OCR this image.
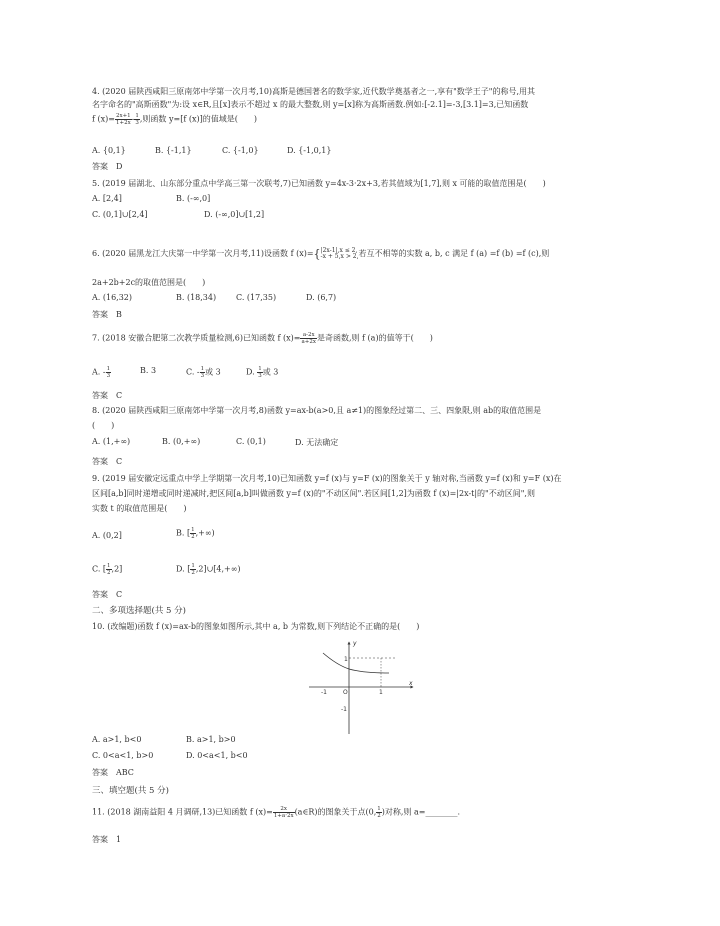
4. (2020 届陕西咸阳三原南郊中学第一次月考,10)高斯是德国著名的数学家,近代数学奠基者之一,享有"数学王子"的称号,用其
名字命名的"高斯函数"为:设 x∈R,且[x]表示不超过 x 的最大整数,则 y=[x]称为高斯函数.例如:[-2.1]=-3,[3.1]=3,已知函数
f $(x)= \frac{2x+1}{1+2x} - \frac{1}{3}$ ,则函数 y=[f (x)]的值域是(　　)
A. {0,1}	B. {-1,1}	C. {-1,0}	D. {-1,0,1}
答案 D
5. (2019 届湖北、山东部分重点中学高三第一次联考,7)已知函数 y=4x-3·2x+3,若其值域为[1,7],则 x 可能的取值范围是(　　)
A. [2,4]	B. (-∞,0]
C. (0,1]∪[2,4]	D. (-∞,0]∪[1,2]
6. (2020 届黑龙江大庆第一中学第一次月考,11)设函数 f (x)={ |2x-1|,x ≤ 2,
-x + 5,x > 2, 若互不相等的实数 a, b, c 满足 f (a) =f (b) =f (c),则
2a+2b+2c的取值范围是(　　)
A. (16,32)	B. (18,34) C. (17,35)	D. (6,7)
答案 B
7. (2018 安徽合肥第二次教学质量检测,6)已知函数 f $(x)= \frac{a-2x}{a+2x}$ 是奇函数,则 f (a)的值等于(　　)
A. - $\frac{1}{3}$	B. 3	C. - $\frac{1}{3}$ 或 3	D. $\frac{1}{3}$ 或 3
答案 C
8. (2020 届陕西咸阳三原南郊中学第一次月考,8)函数 y=ax-b(a>0,且 a≠1)的图象经过第二、三、四象限,则 ab的取值范围是
(　　)
A. (1,+∞)	B. (0,+∞)	C. (0,1)	D. 无法确定
答案 C
9. (2019 届安徽定远重点中学上学期第一次月考,10)已知函数 y=f (x)与 y=F (x)的图象关于 y 轴对称,当函数 y=f (x)和 y=F (x)在
区间[a,b]同时递增或同时递减时,把区间[a,b]叫做函数 y=f (x)的"不动区间".若区间[1,2]为函数 f (x)=|2x-t|的"不动区间",则
实数 t 的取值范围是(　　)
A. (0,2]	B. [ $\frac{1}{2}$ ,+∞)
C. [ $\frac{1}{2} ,2$]	D. [ $\frac{1}{2}$ ,2]∪[4,+∞)
答案 C
二、多项选择题(共 5 分)
10. (改编题)函数 f (x)=ax-b的图象如图所示,其中 a, b 为常数,则下列结论不正确的是(　　)
y
x
1
O
-1	1
-1
A. a>1, b<0	B. a>1, b>0
C. 0<a<1, b>0	D. 0<a<1, b<0
答案 ABC
三、填空题(共 5 分)
11. (2018 湖南益阳 4 月调研,13)已知函数 f $(x)= \frac{2x}{1+a\cdot 2x}$ (a∈R)的图象关于点(0, $\frac{1}{2}$ )对称,则 a=________.
答案 1
